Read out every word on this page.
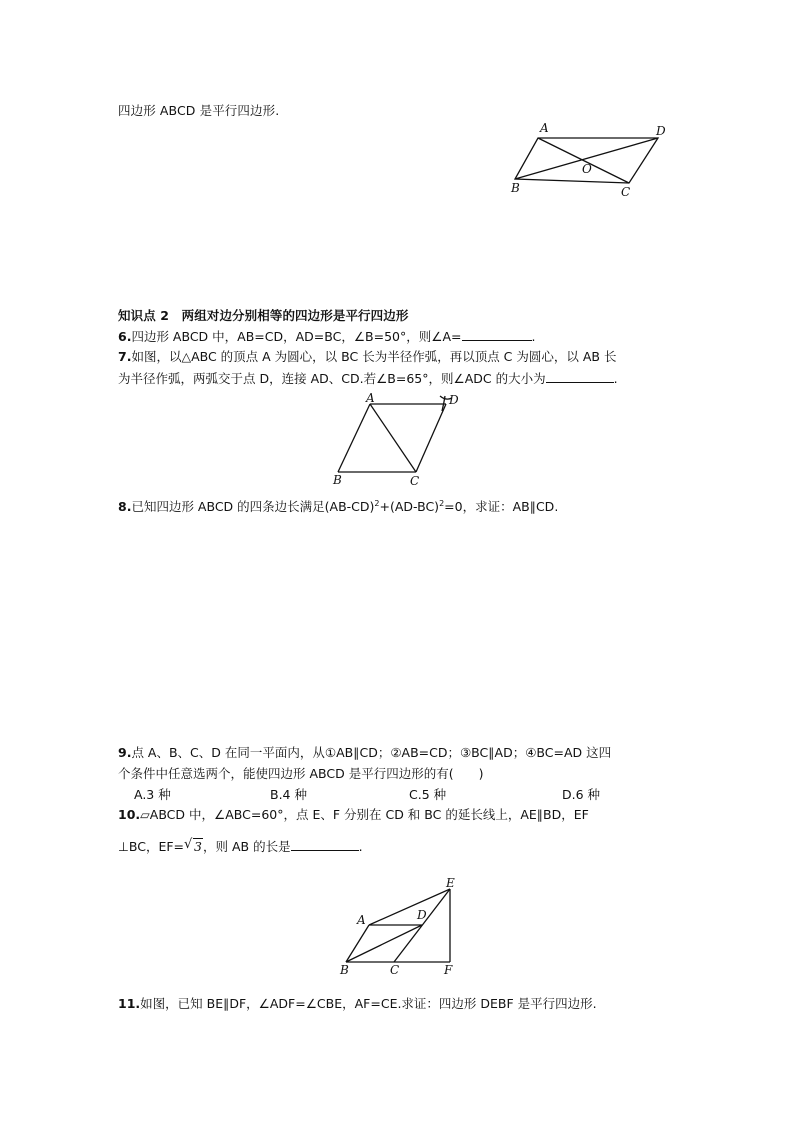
四边形 ABCD 是平行四边形.
A	D
O
B	C
知识点 2　两组对边分别相等的四边形是平行四边形
6.四边形 ABCD 中，AB=CD，AD=BC，∠B=50°，则∠A=	.
7.如图，以△ABC 的顶点 A 为圆心，以 BC 长为半径作弧，再以顶点 C 为圆心，以 AB 长
为半径作弧，两弧交于点 D，连接 AD、CD.若∠B=65°，则∠ADC 的大小为	.
A	D
B	C
8.已知四边形 ABCD 的四条边长满足$(AB-CD)^2+(AD-BC)^2=0$，求证：AB∥CD.
9.点 A、B、C、D 在同一平面内，从①AB∥CD；②AB=CD；③BC∥AD；④BC=AD 这四
个条件中任意选两个，能使四边形 ABCD 是平行四边形的有(　　)
A.3 种	B.4 种	C.5 种	D.6 种
10.▱ABCD 中，∠ABC=60°，点 E、F 分别在 CD 和 BC 的延长线上，AE∥BD，EF
⊥BC，EF= √ 3，则 AB 的长是	.
A	D
E
B	C	F
11.如图，已知 BE∥DF，∠ADF=∠CBE，AF=CE.求证：四边形 DEBF 是平行四边形.
